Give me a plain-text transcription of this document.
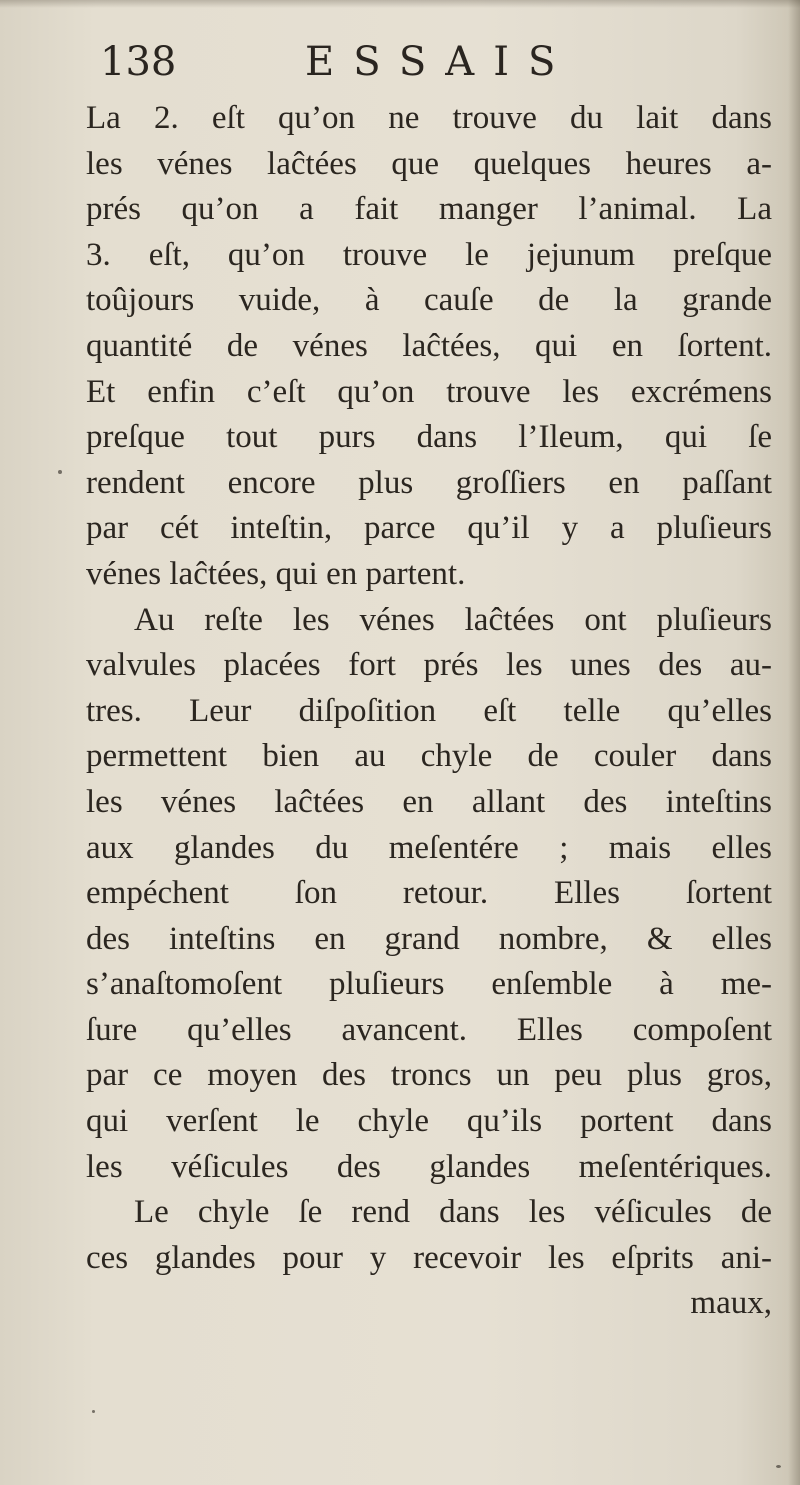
138	ESSAIS
La 2. eſt qu’on ne trouve du lait dans
les vénes laĉtées que quelques heures a-
prés qu’on a fait manger l’animal. La
3. eſt, qu’on trouve le jejunum preſque
toûjours vuide, à cauſe de la grande
quantité de vénes laĉtées, qui en ſortent.
Et enfin c’eſt qu’on trouve les excrémens
preſque tout purs dans l’Ileum, qui ſe
rendent encore plus groſſiers en paſſant
par cét inteſtin, parce qu’il y a pluſieurs
vénes laĉtées, qui en partent.
Au reſte les vénes laĉtées ont pluſieurs
valvules placées fort prés les unes des au-
tres. Leur diſpoſition eſt telle qu’elles
permettent bien au chyle de couler dans
les vénes laĉtées en allant des inteſtins
aux glandes du meſentére ; mais elles
empéchent ſon retour. Elles ſortent
des inteſtins en grand nombre, & elles
s’anaſtomoſent pluſieurs enſemble à me-
ſure qu’elles avancent. Elles compoſent
par ce moyen des troncs un peu plus gros,
qui verſent le chyle qu’ils portent dans
les véſicules des glandes meſentériques.
Le chyle ſe rend dans les véſicules de
ces glandes pour y recevoir les eſprits ani-
maux,
